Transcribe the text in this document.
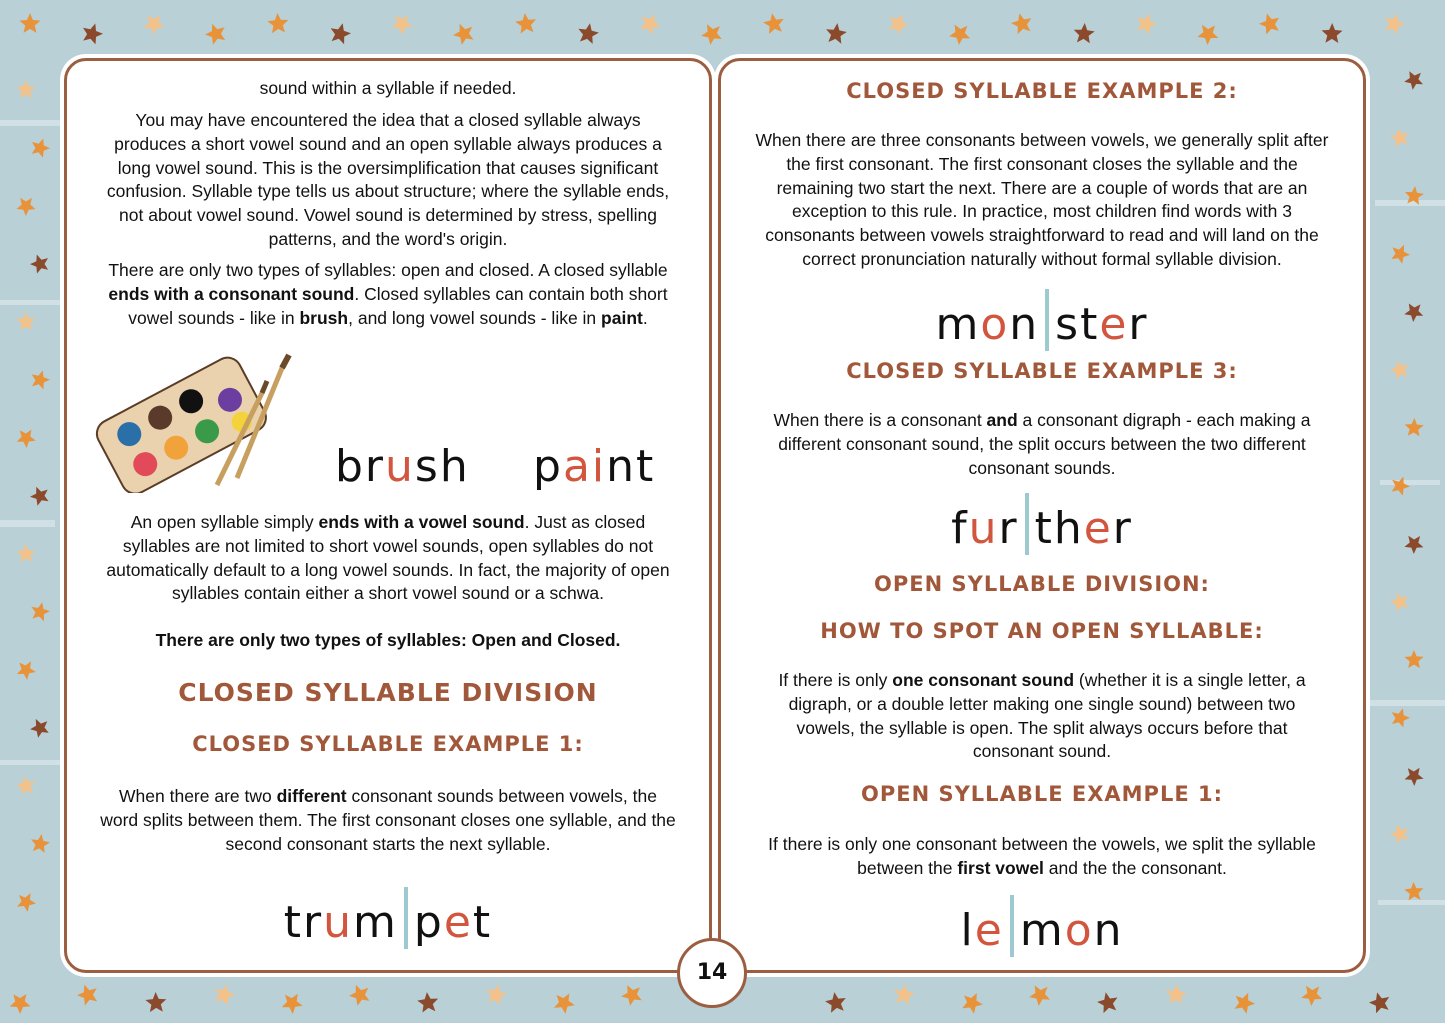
sound within a syllable if needed.
You may have encountered the idea that a closed syllable always produces a short vowel sound and an open syllable always produces a long vowel sound. This is the oversimplification that causes significant confusion. Syllable type tells us about structure; where the syllable ends, not about vowel sound. Vowel sound is determined by stress, spelling patterns, and the word's origin.
There are only two types of syllables: open and closed. A closed syllable ends with a consonant sound. Closed syllables can contain both short vowel sounds - like in brush, and long vowel sounds - like in paint.
brush paint
An open syllable simply ends with a vowel sound. Just as closed syllables are not limited to short vowel sounds, open syllables do not automatically default to a long vowel sounds. In fact, the majority of open syllables contain either a short vowel sound or a schwa.
There are only two types of syllables: Open and Closed.
CLOSED SYLLABLE DIVISION
CLOSED SYLLABLE EXAMPLE 1:
When there are two different consonant sounds between vowels, the word splits between them. The first consonant closes one syllable, and the second consonant starts the next syllable.
trum pet
CLOSED SYLLABLE EXAMPLE 2:
When there are three consonants between vowels, we generally split after the first consonant. The first consonant closes the syllable and the remaining two start the next. There are a couple of words that are an exception to this rule. In practice, most children find words with 3 consonants between vowels straightforward to read and will land on the correct pronunciation naturally without formal syllable division.
mon ster
CLOSED SYLLABLE EXAMPLE 3:
When there is a consonant and a consonant digraph - each making a different consonant sound, the split occurs between the two different consonant sounds.
fur ther
OPEN SYLLABLE DIVISION:
HOW TO SPOT AN OPEN SYLLABLE:
If there is only one consonant sound (whether it is a single letter, a digraph, or a double letter making one single sound) between two vowels, the syllable is open. The split always occurs before that consonant sound.
OPEN SYLLABLE EXAMPLE 1:
If there is only one consonant between the vowels, we split the syllable between the first vowel and the the consonant.
le mon
14
